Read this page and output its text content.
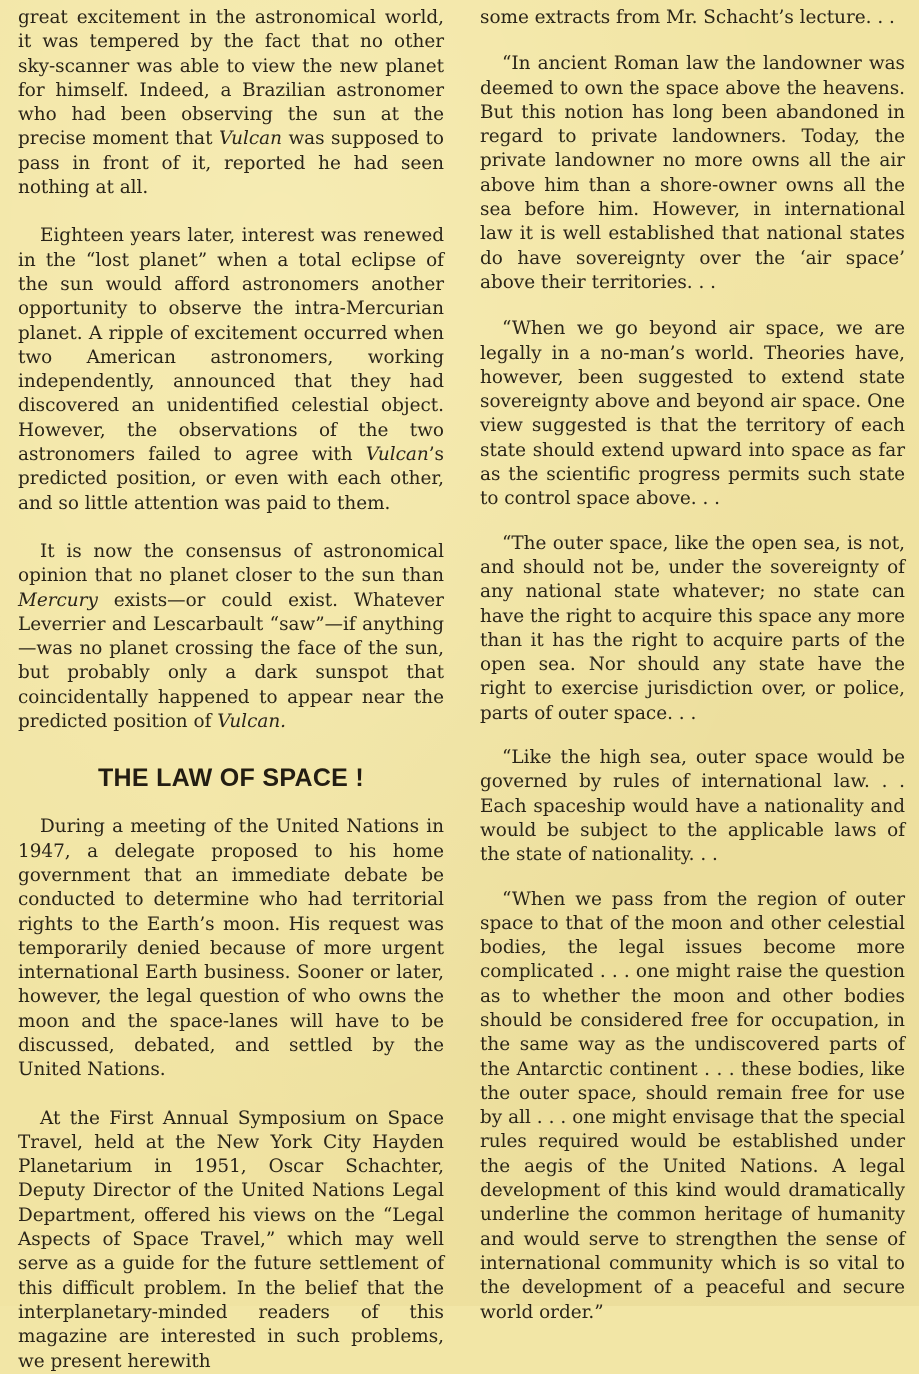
great excitement in the astronomical world, it was tempered by the fact that no other sky-scanner was able to view the new planet for himself. Indeed, a Brazilian astronomer who had been observing the sun at the precise moment that Vulcan was supposed to pass in front of it, reported he had seen nothing at all.

Eighteen years later, interest was renewed in the “lost planet” when a total eclipse of the sun would afford astronomers another opportunity to observe the intra-Mercurian planet. A ripple of excitement occurred when two American astronomers, working independently, announced that they had discovered an unidentified celestial object. However, the observations of the two astronomers failed to agree with Vulcan’s predicted position, or even with each other, and so little attention was paid to them.

It is now the consensus of astronomical opinion that no planet closer to the sun than Mercury exists—or could exist. Whatever Leverrier and Lescarbault “saw”—if anything—was no planet crossing the face of the sun, but probably only a dark sunspot that coincidentally happened to appear near the predicted position of Vulcan.

THE LAW OF SPACE !

During a meeting of the United Nations in 1947, a delegate proposed to his home government that an immediate debate be conducted to determine who had territorial rights to the Earth’s moon. His request was temporarily denied because of more urgent international Earth business. Sooner or later, however, the legal question of who owns the moon and the space-lanes will have to be discussed, debated, and settled by the United Nations.

At the First Annual Symposium on Space Travel, held at the New York City Hayden Planetarium in 1951, Oscar Schachter, Deputy Director of the United Nations Legal Department, offered his views on the “Legal Aspects of Space Travel,” which may well serve as a guide for the future settlement of this difficult problem. In the belief that the interplanetary-minded readers of this magazine are interested in such problems, we present herewith

some extracts from Mr. Schacht’s lecture. . .

“In ancient Roman law the landowner was deemed to own the space above the heavens. But this notion has long been abandoned in regard to private landowners. Today, the private landowner no more owns all the air above him than a shore-owner owns all the sea before him. However, in international law it is well established that national states do have sovereignty over the ‘air space’ above their territories. . .

“When we go beyond air space, we are legally in a no-man’s world. Theories have, however, been suggested to extend state sovereignty above and beyond air space. One view suggested is that the territory of each state should extend upward into space as far as the scientific progress permits such state to control space above. . .

“The outer space, like the open sea, is not, and should not be, under the sovereignty of any national state whatever; no state can have the right to acquire this space any more than it has the right to acquire parts of the open sea. Nor should any state have the right to exercise jurisdiction over, or police, parts of outer space. . .

“Like the high sea, outer space would be governed by rules of international law. . . Each spaceship would have a nationality and would be subject to the applicable laws of the state of nationality. . .

“When we pass from the region of outer space to that of the moon and other celestial bodies, the legal issues become more complicated . . . one might raise the question as to whether the moon and other bodies should be considered free for occupation, in the same way as the undiscovered parts of the Antarctic continent . . . these bodies, like the outer space, should remain free for use by all . . . one might envisage that the special rules required would be established under the aegis of the United Nations. A legal development of this kind would dramatically underline the common heritage of humanity and would serve to strengthen the sense of international community which is so vital to the development of a peaceful and secure world order.”
